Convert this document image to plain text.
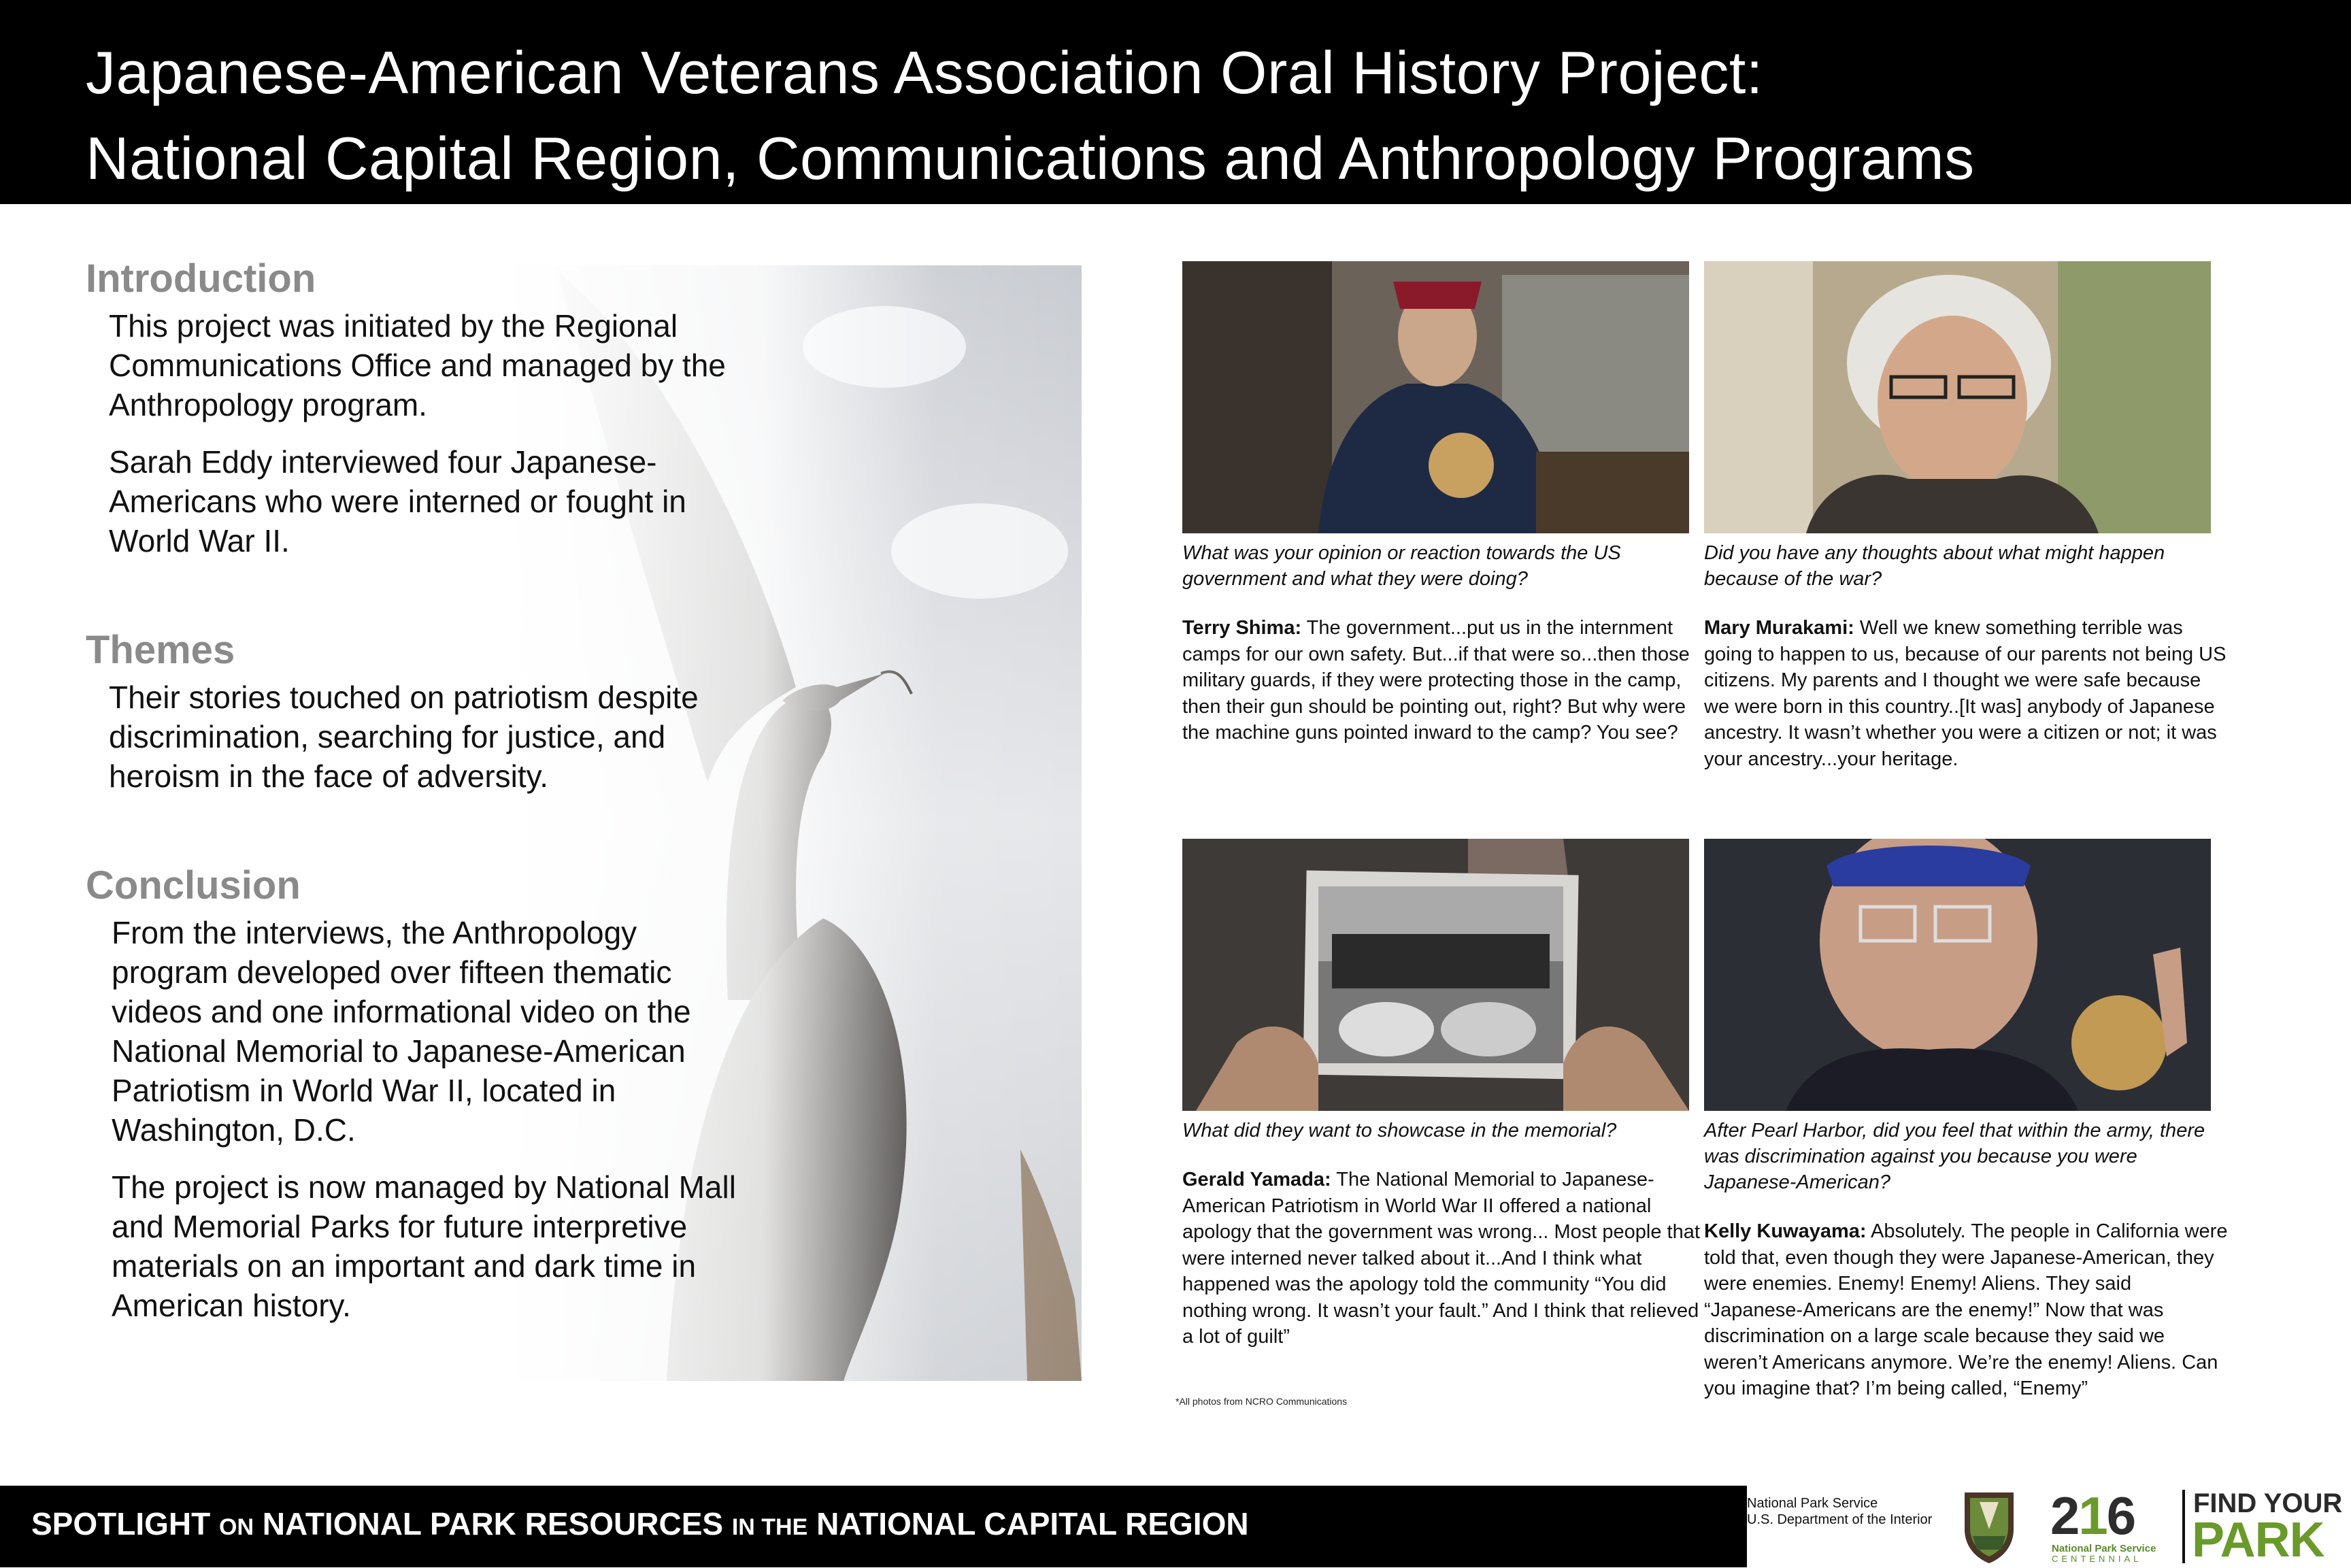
Japanese-American Veterans Association Oral History Project:
National Capital Region, Communications and Anthropology Programs
Introduction

This project was initiated by the Regional Communications Office and managed by the Anthropology program.

Sarah Eddy interviewed four Japanese-Americans who were interned or fought in World War II.

Themes

Their stories touched on patriotism despite discrimination, searching for justice, and heroism in the face of adversity.

Conclusion

From the interviews, the Anthropology program developed over fifteen thematic videos and one informational video on the National Memorial to Japanese-American Patriotism in World War II, located in Washington, D.C.

The project is now managed by National Mall and Memorial Parks for future interpretive materials on an important and dark time in American history.

What was your opinion or reaction towards the US government and what they were doing?

Terry Shima: The government...put us in the internment camps for our own safety. But...if that were so...then those military guards, if they were protecting those in the camp, then their gun should be pointing out, right? But why were the machine guns pointed inward to the camp? You see?

Did you have any thoughts about what might happen because of the war?

Mary Murakami: Well we knew something terrible was going to happen to us, because of our parents not being US citizens. My parents and I thought we were safe because we were born in this country..[It was] anybody of Japanese ancestry. It wasn’t whether you were a citizen or not; it was your ancestry...your heritage.

What did they want to showcase in the memorial?

Gerald Yamada: The National Memorial to Japanese-American Patriotism in World War II offered a national apology that the government was wrong... Most people that were interned never talked about it...And I think what happened was the apology told the community “You did nothing wrong. It wasn’t your fault.” And I think that relieved a lot of guilt”

After Pearl Harbor, did you feel that within the army, there was discrimination against you because you were Japanese-American?

Kelly Kuwayama: Absolutely. The people in California were told that, even though they were Japanese-American, they were enemies. Enemy! Enemy! Aliens. They said “Japanese-Americans are the enemy!” Now that was discrimination on a large scale because they said we weren’t Americans anymore. We’re the enemy! Aliens. Can you imagine that? I’m being called, “Enemy”

*All photos from NCRO Communications
SPOTLIGHT ON NATIONAL PARK RESOURCES IN THE NATIONAL CAPITAL REGION
National Park Service
U.S. Department of the Interior 216
National Park Service
CENTENNIAL
FIND YOUR
PARK
